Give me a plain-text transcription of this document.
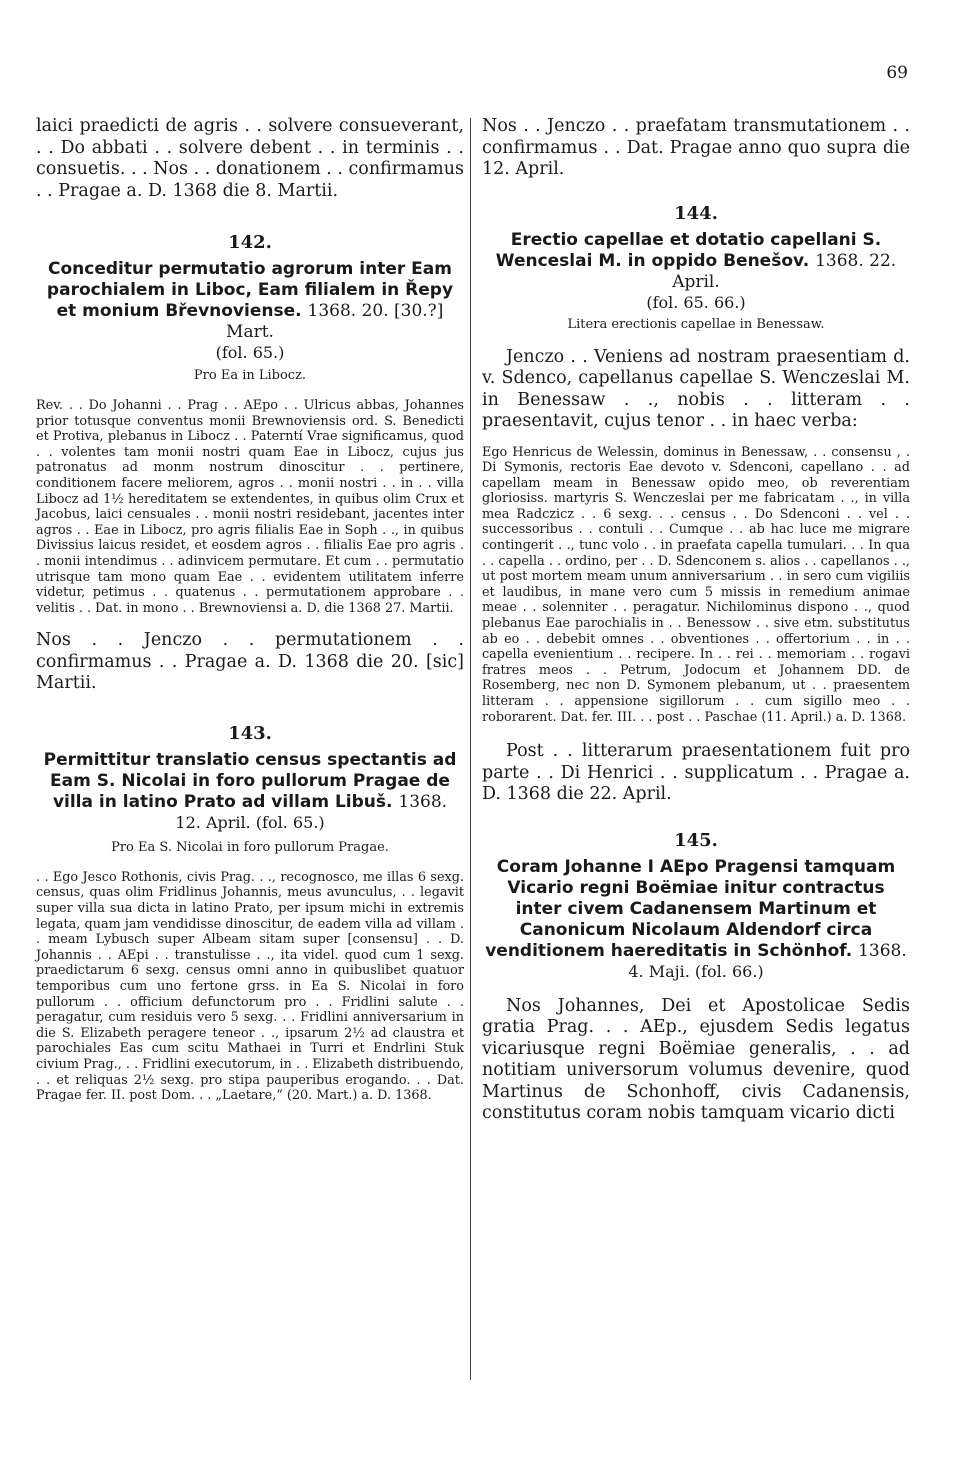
69

laici praedicti de agris . . solvere consueverant, . . Do abbati . . solvere debent . . in terminis . . consuetis. . . Nos . . donationem . . confirmamus . . Pragae a. D. 1368 die 8. Martii.

142.
Conceditur permutatio agrorum inter Eam parochialem in Liboc, Eam filialem in Řepy et monium Břevnoviense. 1368. 20. [30.?] Mart.
(fol. 65.)
Pro Ea in Libocz.

Rev. . . Do Johanni . . Prag . . AEpo . . Ulricus abbas, Johannes prior totusque conventus monii Brewnoviensis ord. S. Benedicti et Protiva, plebanus in Libocz . . Paterntí Vrae significamus, quod . . volentes tam monii nostri quam Eae in Libocz, cujus jus patronatus ad monm nostrum dinoscitur . . pertinere, conditionem facere meliorem, agros . . monii nostri . . in . . villa Libocz ad 1½ hereditatem se extendentes, in quibus olim Crux et Jacobus, laici censuales . . monii nostri residebant, jacentes inter agros . . Eae in Libocz, pro agris filialis Eae in Soph . ., in quibus Divissius laicus residet, et eosdem agros . . filialis Eae pro agris . . monii intendimus . . adinvicem permutare. Et cum . . permutatio utrisque tam mono quam Eae . . evidentem utilitatem inferre videtur, petimus . . quatenus . . permutationem approbare . . velitis . . Dat. in mono . . Brewnoviensi a. D. die 1368 27. Martii.

Nos . . Jenczo . . permutationem . . confirmamus . . Pragae a. D. 1368 die 20. [sic] Martii.

143.
Permittitur translatio census spectantis ad Eam S. Nicolai in foro pullorum Pragae de villa in latino Prato ad villam Libuš. 1368.
12. April. (fol. 65.)
Pro Ea S. Nicolai in foro pullorum Pragae.

. . Ego Jesco Rothonis, civis Prag. . ., recognosco, me illas 6 sexg. census, quas olim Fridlinus Johannis, meus avunculus, . . legavit super villa sua dicta in latino Prato, per ipsum michi in extremis legata, quam jam vendidisse dinoscitur, de eadem villa ad villam . . meam Lybusch super Albeam sitam super [consensu] . . D. Johannis . . AEpi . . transtulisse . ., ita videl. quod cum 1 sexg. praedictarum 6 sexg. census omni anno in quibuslibet quatuor temporibus cum uno fertone grss. in Ea S. Nicolai in foro pullorum . . officium defunctorum pro . . Fridlini salute . . peragatur, cum residuis vero 5 sexg. . . Fridlini anniversarium in die S. Elizabeth peragere teneor . ., ipsarum 2½ ad claustra et parochiales Eas cum scitu Mathaei in Turri et Endrlini Stuk civium Prag., . . Fridlini executorum, in . . Elizabeth distribuendo, . . et reliquas 2½ sexg. pro stipa pauperibus erogando. . . Dat. Pragae fer. II. post Dom. . . „Laetare,“ (20. Mart.) a. D. 1368.

Nos . . Jenczo . . praefatam transmutationem . . confirmamus . . Dat. Pragae anno quo supra die 12. April.

144.
Erectio capellae et dotatio capellani S. Wenceslai M. in oppido Benešov. 1368. 22. April.
(fol. 65. 66.)
Litera erectionis capellae in Benessaw.

Jenczo . . Veniens ad nostram praesentiam d. v. Sdenco, capellanus capellae S. Wenczeslai M. in Benessaw . ., nobis . . litteram . . praesentavit, cujus tenor . . in haec verba:

Ego Henricus de Welessin, dominus in Benessaw, . . consensu , . Di Symonis, rectoris Eae devoto v. Sdenconi, capellano . . ad capellam meam in Benessaw opido meo, ob reverentiam gloriosiss. martyris S. Wenczeslai per me fabricatam . ., in villa mea Radczicz . . 6 sexg. . . census . . Do Sdenconi . . vel . . successoribus . . contuli . . Cumque . . ab hac luce me migrare contingerit . ., tunc volo . . in praefata capella tumulari. . . In qua . . capella . . ordino, per . . D. Sdenconem s. alios . . capellanos . ., ut post mortem meam unum anniversarium . . in sero cum vigiliis et laudibus, in mane vero cum 5 missis in remedium animae meae . . solenniter . . peragatur. Nichilominus dispono . ., quod plebanus Eae parochialis in . . Benessow . . sive etm. substitutus ab eo . . debebit omnes . . obventiones . . offertorium . . in . . capella evenientium . . recipere. In . . rei . . memoriam . . rogavi fratres meos . . Petrum, Jodocum et Johannem DD. de Rosemberg, nec non D. Symonem plebanum, ut . . praesentem litteram . . appensione sigillorum . . cum sigillo meo . . roborarent. Dat. fer. III. . . post . . Paschae (11. April.) a. D. 1368.

Post . . litterarum praesentationem fuit pro parte . . Di Henrici . . supplicatum . . Pragae a. D. 1368 die 22. April.

145.
Coram Johanne I AEpo Pragensi tamquam Vicario regni Boëmiae initur contractus inter civem Cadanensem Martinum et Canonicum Nicolaum Aldendorf circa venditionem haereditatis in Schönhof. 1368.
4. Maji. (fol. 66.)

Nos Johannes, Dei et Apostolicae Sedis gratia Prag. . . AEp., ejusdem Sedis legatus vicariusque regni Boëmiae generalis, . . ad notitiam universorum volumus devenire, quod Martinus de Schonhoff, civis Cadanensis, constitutus coram nobis tamquam vicario dicti
